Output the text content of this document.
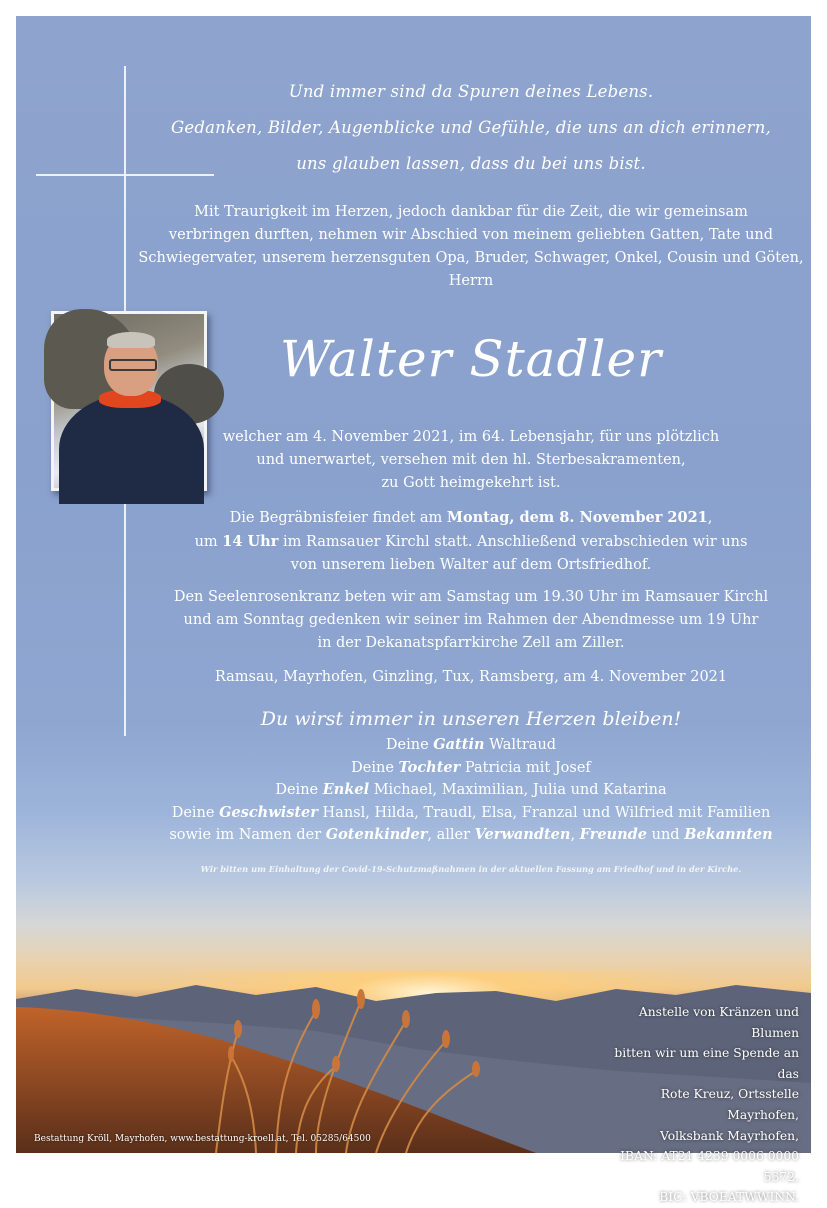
Und immer sind da Spuren deines Lebens.
Gedanken, Bilder, Augenblicke und Gefühle, die uns an dich erinnern,
uns glauben lassen, dass du bei uns bist.
Mit Traurigkeit im Herzen, jedoch dankbar für die Zeit, die wir gemeinsam
verbringen durften, nehmen wir Abschied von meinem geliebten Gatten, Tate und
Schwiegervater, unserem herzensguten Opa, Bruder, Schwager, Onkel, Cousin und Göten,
Herrn
Walter Stadler
welcher am 4. November 2021, im 64. Lebensjahr, für uns plötzlich
und unerwartet, versehen mit den hl. Sterbesakramenten,
zu Gott heimgekehrt ist.
Die Begräbnisfeier findet am Montag, dem 8. November 2021,
um 14 Uhr im Ramsauer Kirchl statt. Anschließend verabschieden wir uns
von unserem lieben Walter auf dem Ortsfriedhof.
Den Seelenrosenkranz beten wir am Samstag um 19.30 Uhr im Ramsauer Kirchl
und am Sonntag gedenken wir seiner im Rahmen der Abendmesse um 19 Uhr
in der Dekanatspfarrkirche Zell am Ziller.
Ramsau, Mayrhofen, Ginzling, Tux, Ramsberg, am 4. November 2021
Du wirst immer in unseren Herzen bleiben!
Deine Gattin Waltraud
Deine Tochter Patricia mit Josef
Deine Enkel Michael, Maximilian, Julia und Katarina
Deine Geschwister Hansl, Hilda, Traudl, Elsa, Franzal und Wilfried mit Familien
sowie im Namen der Gotenkinder, aller Verwandten, Freunde und Bekannten
Wir bitten um Einhaltung der Covid-19-Schutzmaßnahmen in der aktuellen Fassung am Friedhof und in der Kirche.
Anstelle von Kränzen und Blumen
bitten wir um eine Spende an das
Rote Kreuz, Ortsstelle Mayrhofen,
Volksbank Mayrhofen,
IBAN: AT21 4239 0006 0000 5372,
BIC: VBOEATWWINN.
Bestattung Kröll, Mayrhofen, www.bestattung-kroell.at, Tel. 05285/64500
